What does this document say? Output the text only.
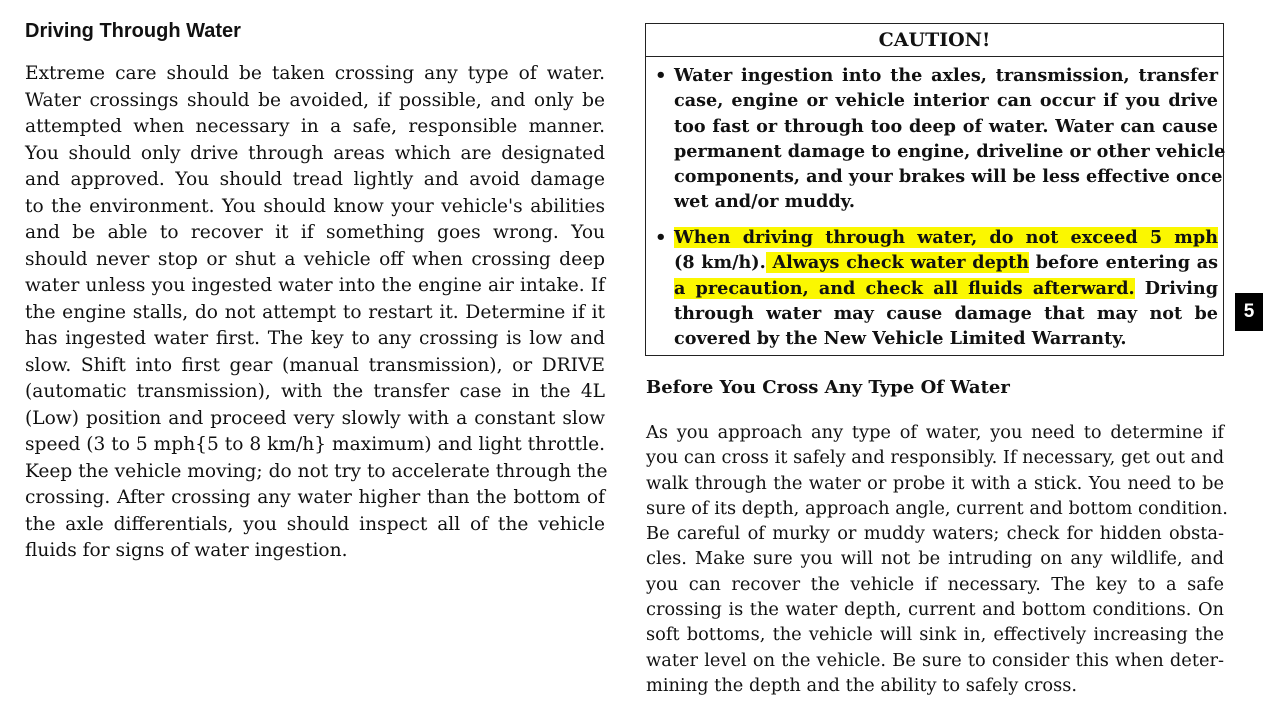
Driving Through Water
Extreme care should be taken crossing any type of water.
Water crossings should be avoided, if possible, and only be
attempted when necessary in a safe, responsible manner.
You should only drive through areas which are designated
and approved. You should tread lightly and avoid damage
to the environment. You should know your vehicle's abilities
and be able to recover it if something goes wrong. You
should never stop or shut a vehicle off when crossing deep
water unless you ingested water into the engine air intake. If
the engine stalls, do not attempt to restart it. Determine if it
has ingested water first. The key to any crossing is low and
slow. Shift into first gear (manual transmission), or DRIVE
(automatic transmission), with the transfer case in the 4L
(Low) position and proceed very slowly with a constant slow
speed (3 to 5 mph{5 to 8 km/h} maximum) and light throttle.
Keep the vehicle moving; do not try to accelerate through the
crossing. After crossing any water higher than the bottom of
the axle differentials, you should inspect all of the vehicle
fluids for signs of water ingestion.
CAUTION!
• Water ingestion into the axles, transmission, transfer
case, engine or vehicle interior can occur if you drive
too fast or through too deep of water. Water can cause
permanent damage to engine, driveline or other vehicle
components, and your brakes will be less effective once
wet and/or muddy.
• When driving through water, do not exceed 5 mph
(8 km/h). Always check water depth before entering as
a precaution, and check all fluids afterward. Driving
through water may cause damage that may not be
covered by the New Vehicle Limited Warranty.
Before You Cross Any Type Of Water
As you approach any type of water, you need to determine if
you can cross it safely and responsibly. If necessary, get out and
walk through the water or probe it with a stick. You need to be
sure of its depth, approach angle, current and bottom condition.
Be careful of murky or muddy waters; check for hidden obsta-
cles. Make sure you will not be intruding on any wildlife, and
you can recover the vehicle if necessary. The key to a safe
crossing is the water depth, current and bottom conditions. On
soft bottoms, the vehicle will sink in, effectively increasing the
water level on the vehicle. Be sure to consider this when deter-
mining the depth and the ability to safely cross.
5
